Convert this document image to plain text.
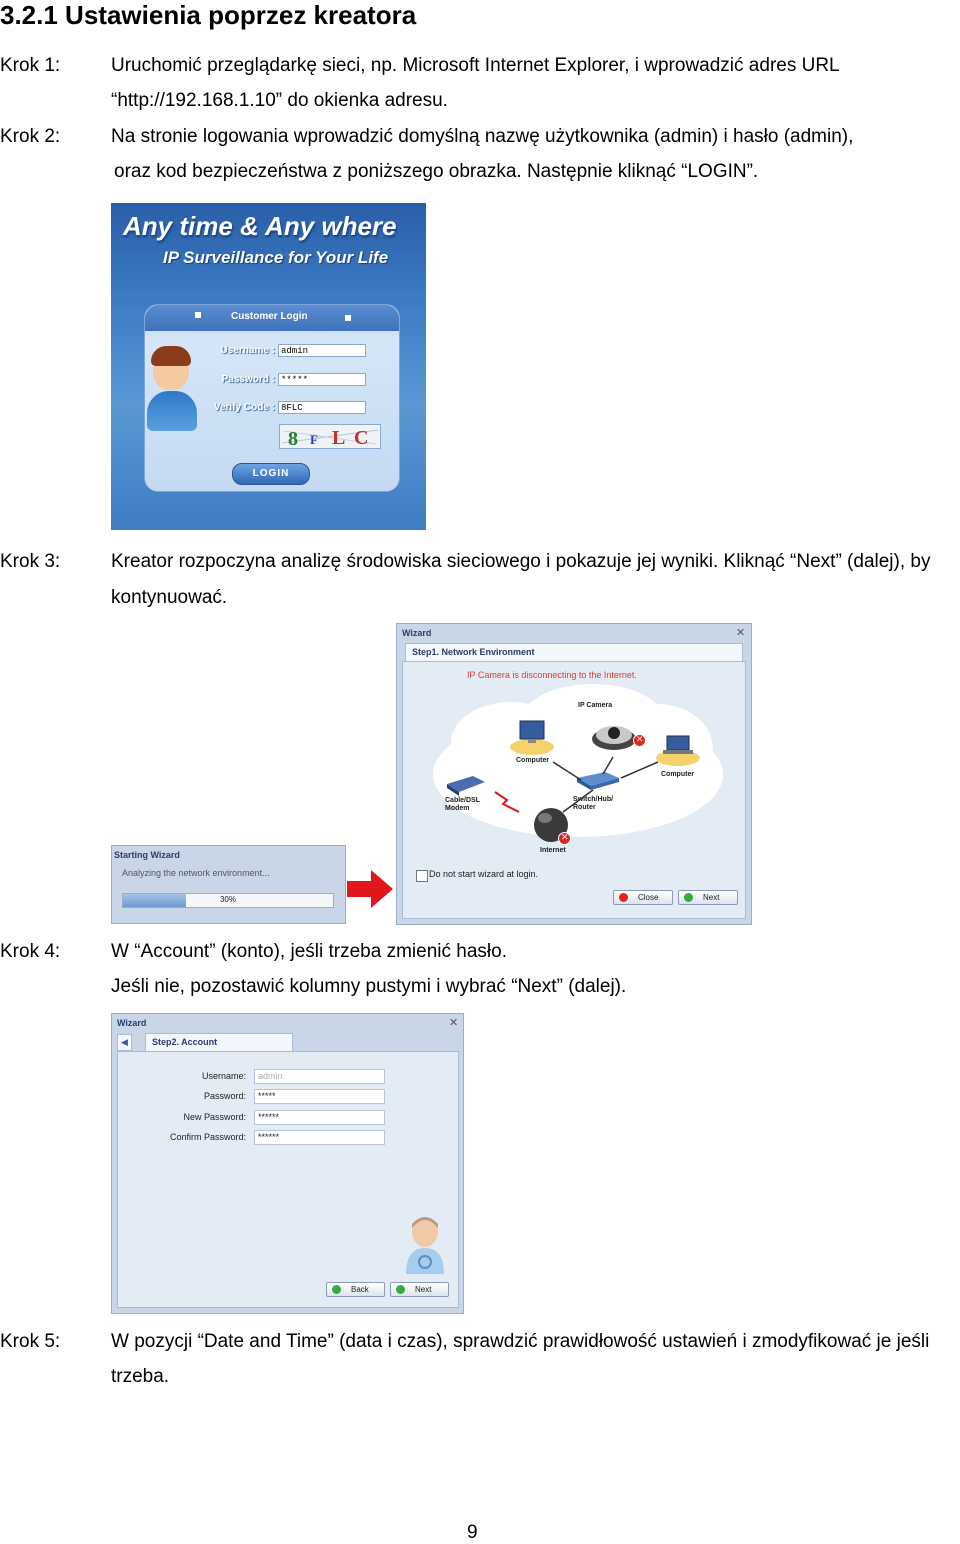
3.2.1 Ustawienia poprzez kreatora
Krok 1:	Uruchomić przeglądarkę sieci, np. Microsoft Internet Explorer, i wprowadzić adres URL
“http://192.168.1.10” do okienka adresu.
Krok 2:	Na stronie logowania wprowadzić domyślną nazwę użytkownika (admin) i hasło (admin),
oraz kod bezpieczeństwa z poniższego obrazka. Następnie kliknąć “LOGIN”.
Any time & Any where
IP Surveillance for Your Life
Customer Login
Username : admin
Password : *****
Verify Code : 8FLC
8 F L C
LOGIN
Krok 3:	Kreator rozpoczyna analizę środowiska sieciowego i pokazuje jej wyniki. Kliknąć “Next” (dalej), by
kontynuować.
Starting Wizard
Analyzing the network environment...
30%
Wizard	✕
Step1. Network Environment
IP Camera is disconnecting to the Internet.
Computer
IP Camera
✕
Computer
Cable/DSL
Modem
Switch/Hub/
Router
✕
Internet
Do not start wizard at login.
Close	Next
Krok 4:	W “Account” (konto), jeśli trzeba zmienić hasło.
Jeśli nie, pozostawić kolumny pustymi i wybrać “Next” (dalej).
Wizard	✕
◀	Step2. Account
Username:	admin
Password:	*****
New Password:	******
Confirm Password:	******
Back	Next
Krok 5:	W pozycji “Date and Time” (data i czas), sprawdzić prawidłowość ustawień i zmodyfikować je jeśli
trzeba.
9
